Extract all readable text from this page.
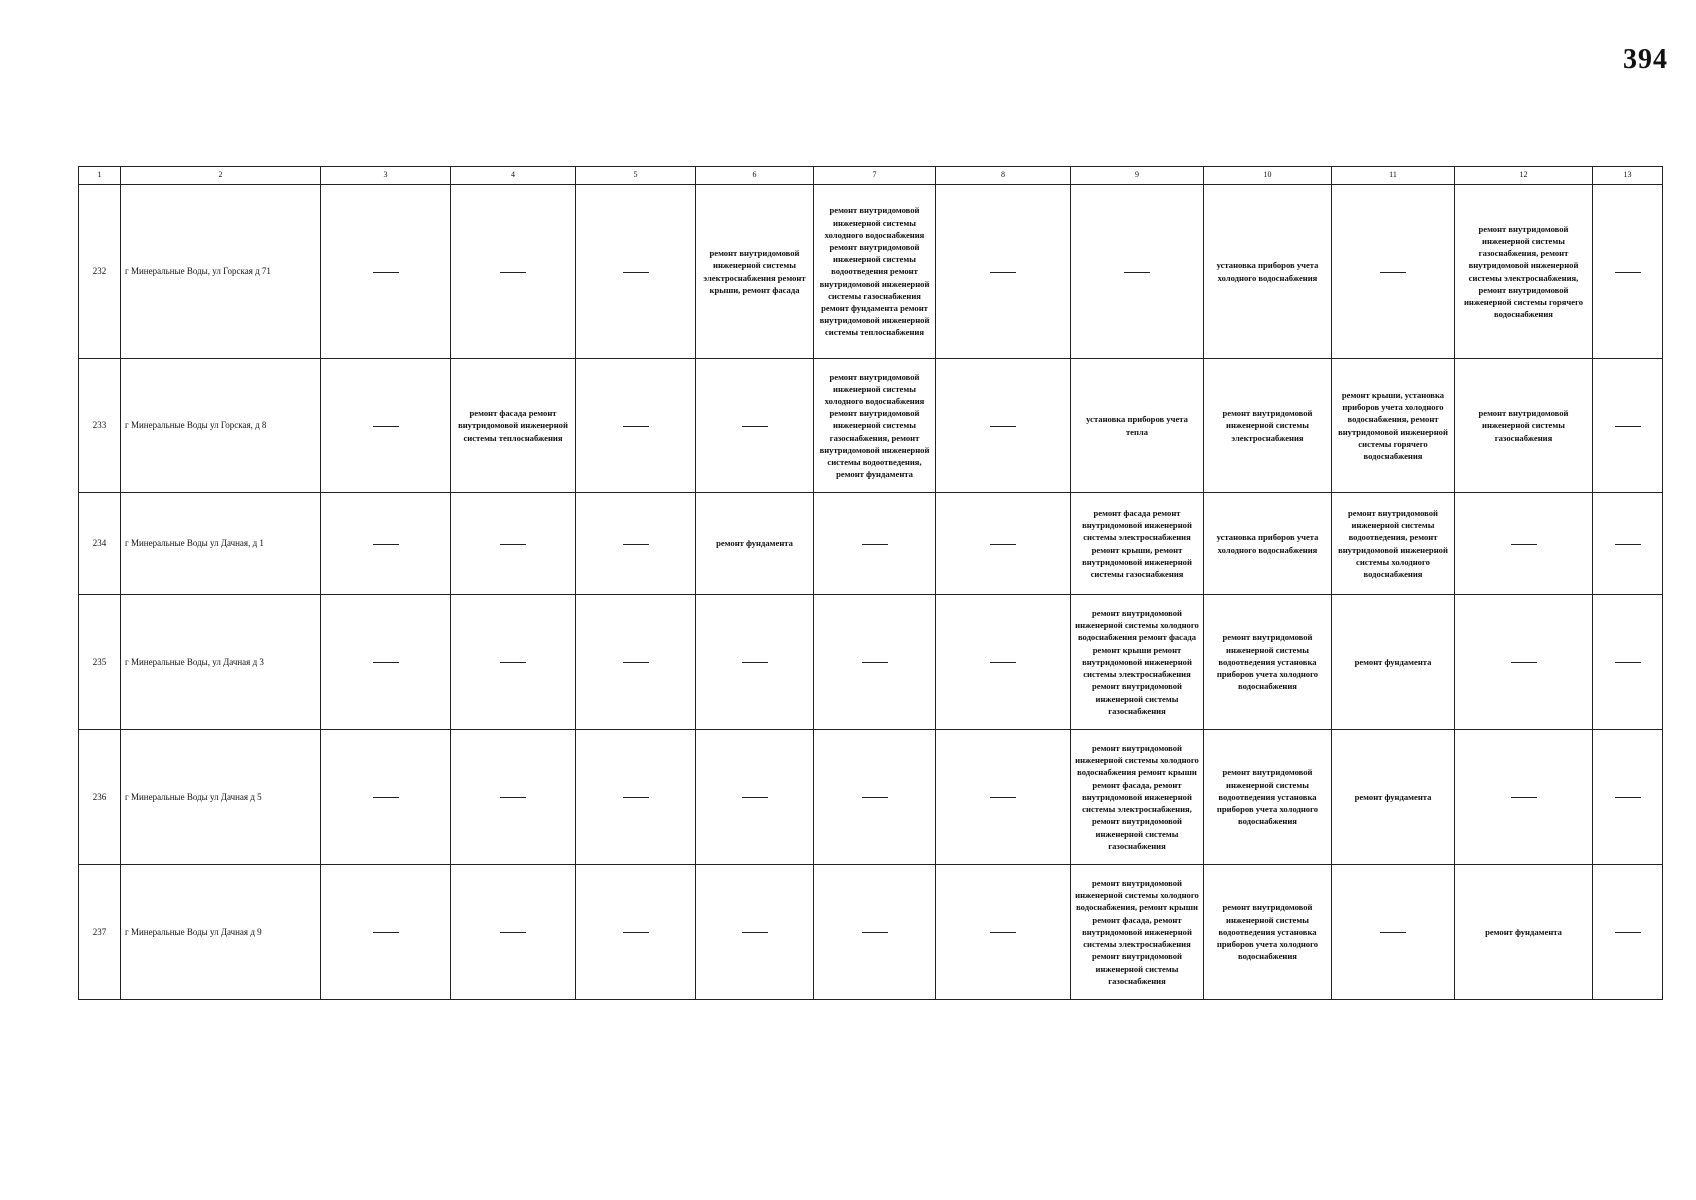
394
1	2	3	4	5	6	7	8	9	10	11	12	13
232	г Минеральные Воды, ул Горская д 71				ремонт внутридомовой инженерной системы электроснабжения ремонт крыши, ремонт фасада	ремонт внутридомовой инженерной системы холодного водоснабжения ремонт внутридомовой инженерной системы водоотведения ремонт внутридомовой инженерной системы газоснабжения ремонт фундамента ремонт внутридомовой инженерной системы теплоснабжения			установка приборов учета холодного водоснабжения		ремонт внутридомовой инженерной системы газоснабжения, ремонт внутридомовой инженерной системы электроснабжения, ремонт внутридомовой инженерной системы горячего водоснабжения	
233	г Минеральные Воды ул Горская, д 8		ремонт фасада ремонт внутридомовой инженерной системы теплоснабжения			ремонт внутридомовой инженерной системы холодного водоснабжения ремонт внутридомовой инженерной системы газоснабжения, ремонт внутридомовой инженерной системы водоотведения, ремонт фундамента		установка приборов учета тепла	ремонт внутридомовой инженерной системы электроснабжения	ремонт крыши, установка приборов учета холодного водоснабжения, ремонт внутридомовой инженерной системы горячего водоснабжения	ремонт внутридомовой инженерной системы газоснабжения	
234	г Минеральные Воды ул Дачная, д 1				ремонт фундамента			ремонт фасада ремонт внутридомовой инженерной системы электроснабжения ремонт крыши, ремонт внутридомовой инженерной системы газоснабжения	установка приборов учета холодного водоснабжения	ремонт внутридомовой инженерной системы водоотведения, ремонт внутридомовой инженерной системы холодного водоснабжения		
235	г Минеральные Воды, ул Дачная д 3							ремонт внутридомовой инженерной системы холодного водоснабжения ремонт фасада ремонт крыши ремонт внутридомовой инженерной системы электроснабжения ремонт внутридомовой инженерной системы газоснабжения	ремонт внутридомовой инженерной системы водоотведения установка приборов учета холодного водоснабжения	ремонт фундамента		
236	г Минеральные Воды ул Дачная д 5							ремонт внутридомовой инженерной системы холодного водоснабжения ремонт крыши ремонт фасада, ремонт внутридомовой инженерной системы электроснабжения, ремонт внутридомовой инженерной системы газоснабжения	ремонт внутридомовой инженерной системы водоотведения установка приборов учета холодного водоснабжения	ремонт фундамента		
237	г Минеральные Воды ул Дачная д 9							ремонт внутридомовой инженерной системы холодного водоснабжения, ремонт крыши ремонт фасада, ремонт внутридомовой инженерной системы электроснабжения ремонт внутридомовой инженерной системы газоснабжения	ремонт внутридомовой инженерной системы водоотведения установка приборов учета холодного водоснабжения		ремонт фундамента	
